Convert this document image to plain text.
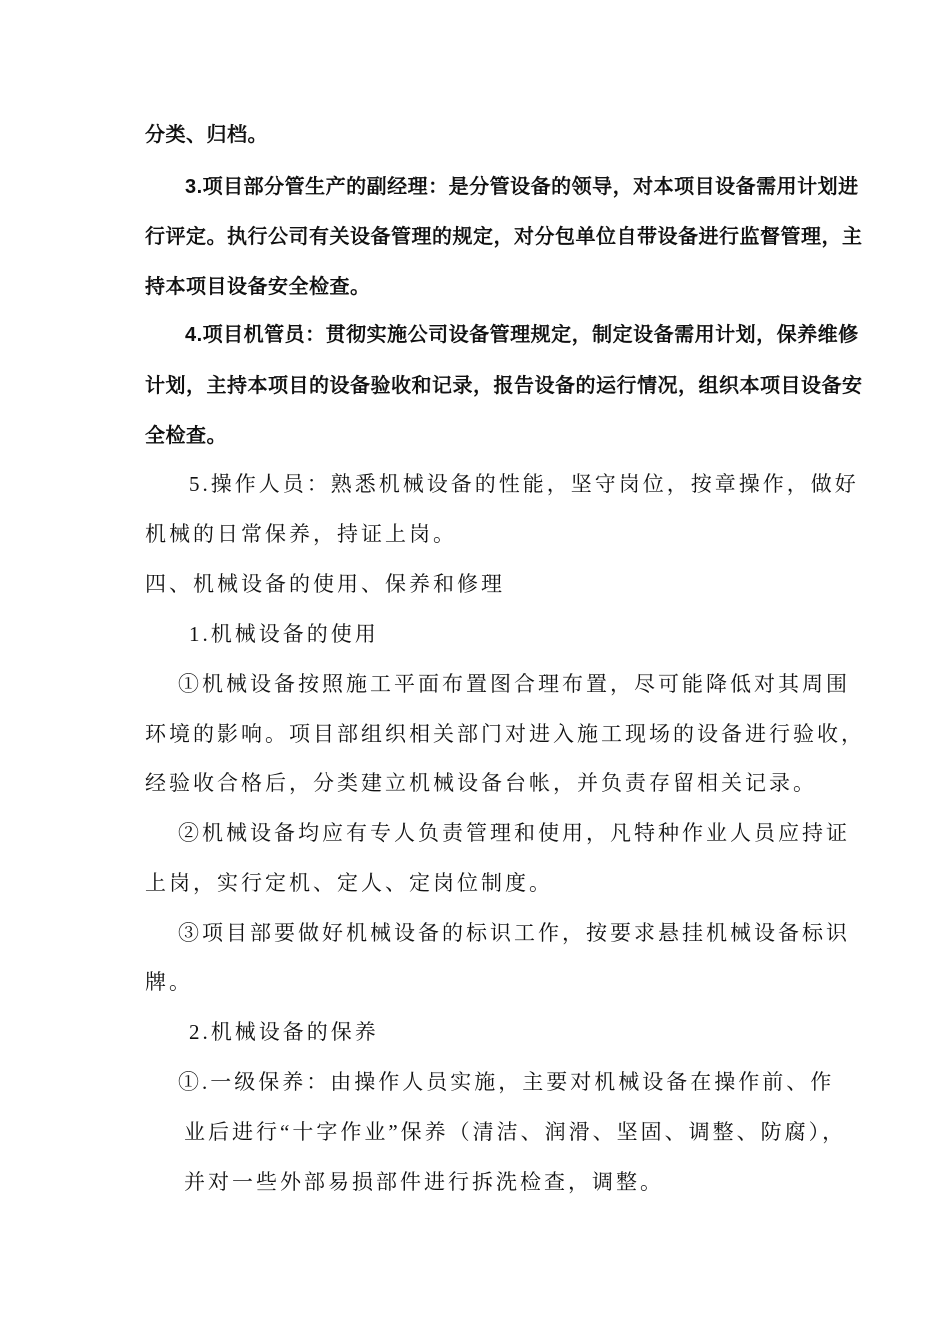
分类、归档。
3.项目部分管生产的副经理：是分管设备的领导，对本项目设备需用计划进
行评定。执行公司有关设备管理的规定，对分包单位自带设备进行监督管理，主
持本项目设备安全检查。
4.项目机管员：贯彻实施公司设备管理规定，制定设备需用计划，保养维修
计划，主持本项目的设备验收和记录，报告设备的运行情况，组织本项目设备安
全检查。
5.操作人员：熟悉机械设备的性能，坚守岗位，按章操作，做好
机械的日常保养，持证上岗。
四、机械设备的使用、保养和修理
1.机械设备的使用
①机械设备按照施工平面布置图合理布置，尽可能降低对其周围
环境的影响。项目部组织相关部门对进入施工现场的设备进行验收，
经验收合格后，分类建立机械设备台帐，并负责存留相关记录。
②机械设备均应有专人负责管理和使用，凡特种作业人员应持证
上岗，实行定机、定人、定岗位制度。
③项目部要做好机械设备的标识工作，按要求悬挂机械设备标识
牌。
2.机械设备的保养
①.一级保养：由操作人员实施，主要对机械设备在操作前、作
业后进行“十字作业”保养（清洁、润滑、坚固、调整、防腐），
并对一些外部易损部件进行拆洗检查，调整。
